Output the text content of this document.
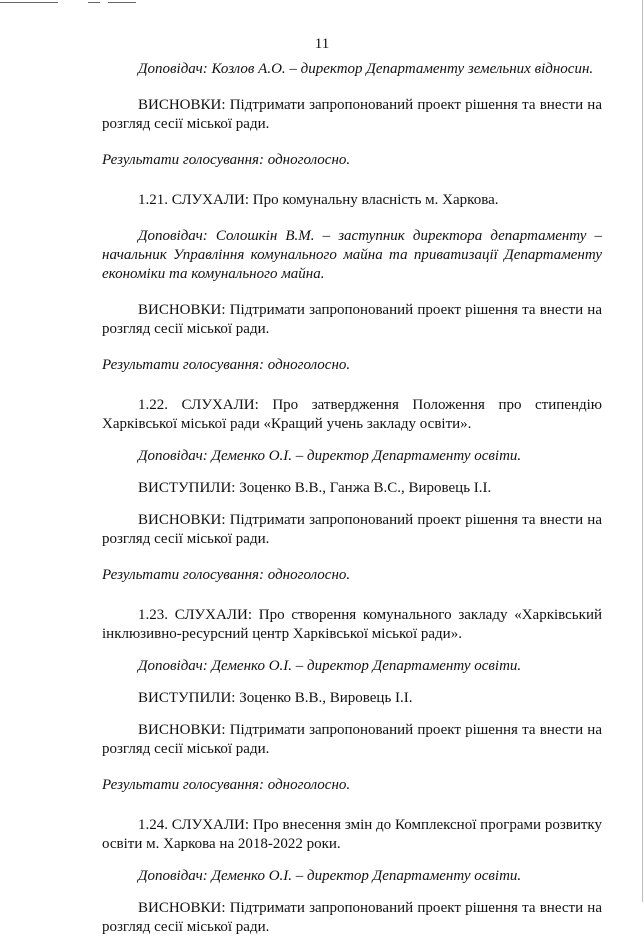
11

Доповідач: Козлов А.О. – директор Департаменту земельних відносин.

ВИСНОВКИ: Підтримати запропонований проект рішення та внести на розгляд сесії міської ради.

Результати голосування: одноголосно.

1.21. СЛУХАЛИ: Про комунальну власність м. Харкова.

Доповідач: Солошкін В.М. – заступник директора департаменту – начальник Управління комунального майна та приватизації Департаменту економіки та комунального майна.

ВИСНОВКИ: Підтримати запропонований проект рішення та внести на розгляд сесії міської ради.

Результати голосування: одноголосно.

1.22. СЛУХАЛИ: Про затвердження Положення про стипендію Харківської міської ради «Кращий учень закладу освіти».

Доповідач: Деменко О.І. – директор Департаменту освіти.

ВИСТУПИЛИ: Зоценко В.В., Ганжа В.С., Вировець І.І.

ВИСНОВКИ: Підтримати запропонований проект рішення та внести на розгляд сесії міської ради.

Результати голосування: одноголосно.

1.23. СЛУХАЛИ: Про створення комунального закладу «Харківський інклюзивно-ресурсний центр Харківської міської ради».

Доповідач: Деменко О.І. – директор Департаменту освіти.

ВИСТУПИЛИ: Зоценко В.В., Вировець І.І.

ВИСНОВКИ: Підтримати запропонований проект рішення та внести на розгляд сесії міської ради.

Результати голосування: одноголосно.

1.24. СЛУХАЛИ: Про внесення змін до Комплексної програми розвитку освіти м. Харкова на 2018-2022 роки.

Доповідач: Деменко О.І. – директор Департаменту освіти.

ВИСНОВКИ: Підтримати запропонований проект рішення та внести на розгляд сесії міської ради.
